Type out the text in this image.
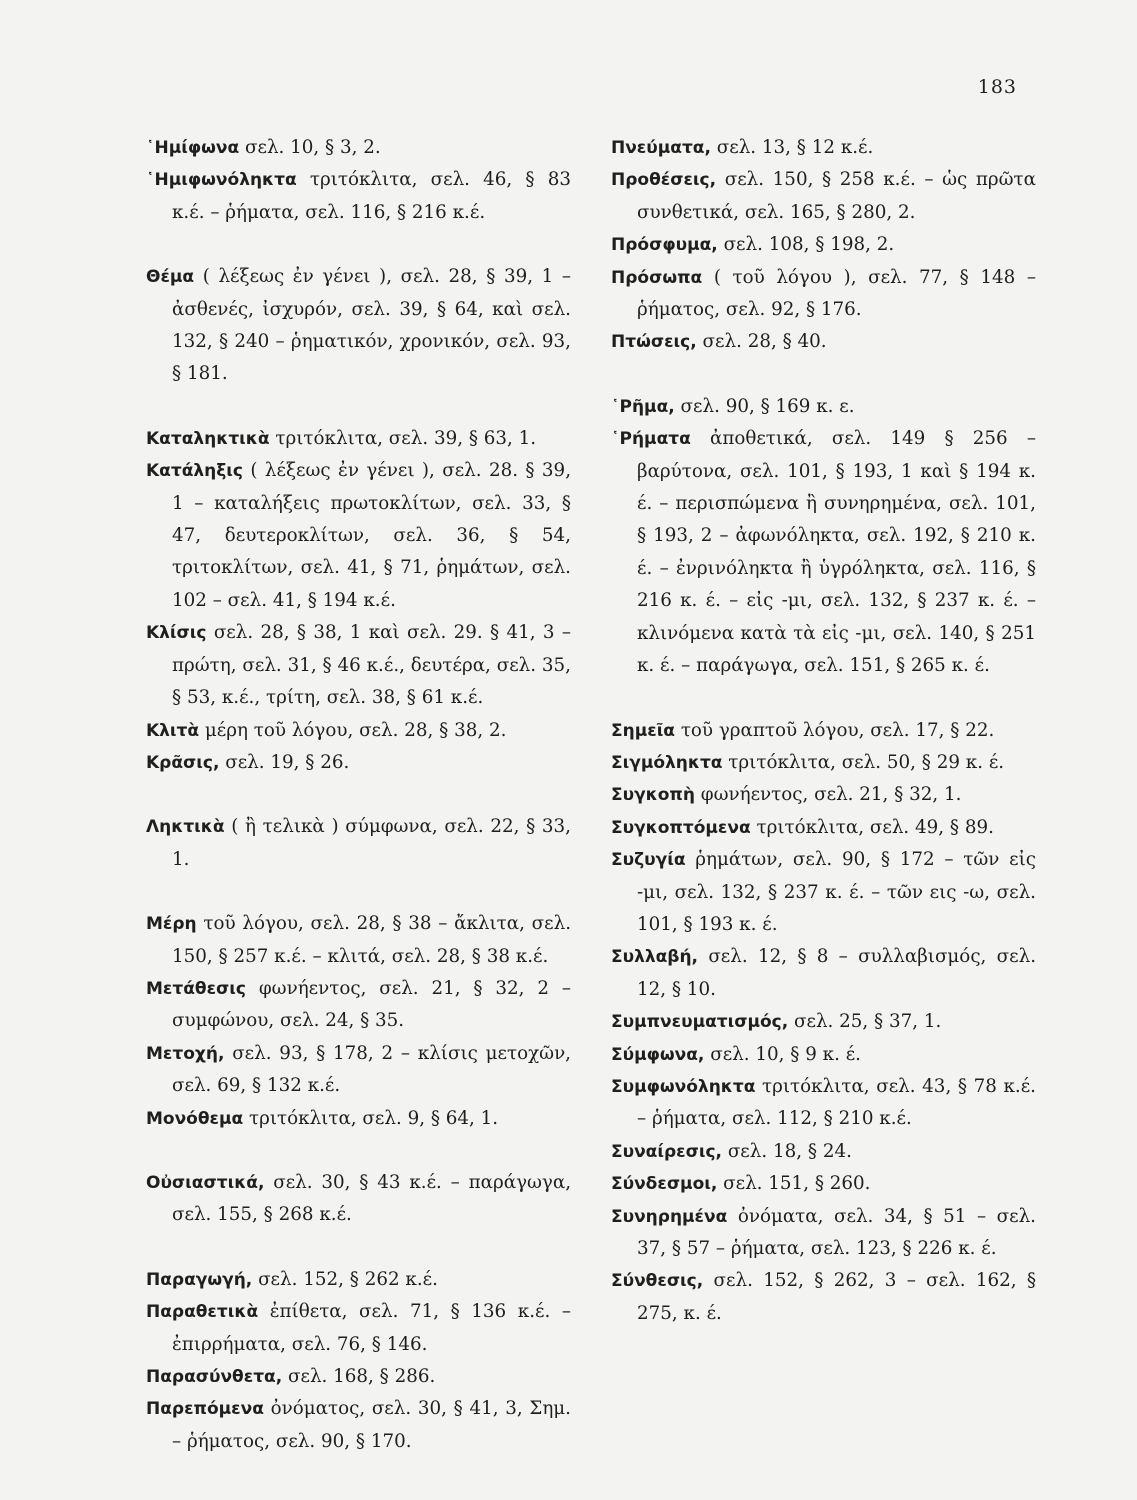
183

῾Ημίφωνα σελ. 10, § 3, 2.

῾Ημιφωνόληκτα τριτόκλιτα, σελ. 46, § 83 κ.έ. – ῥήματα, σελ. 116, § 216 κ.έ.

Θέμα ( λέξεως ἐν γένει ), σελ. 28, § 39, 1 – ἀσθενές, ἰσχυρόν, σελ. 39, § 64, καὶ σελ. 132, § 240 – ῥηματικόν, χρονικόν, σελ. 93, § 181.

Καταληκτικὰ τριτόκλιτα, σελ. 39, § 63, 1.

Κατάληξις ( λέξεως ἐν γένει ), σελ. 28. § 39, 1 – καταλήξεις πρωτοκλίτων, σελ. 33, § 47, δευτεροκλίτων, σελ. 36, § 54, τριτοκλίτων, σελ. 41, § 71, ῥημάτων, σελ. 102 – σελ. 41, § 194 κ.έ.

Κλίσις σελ. 28, § 38, 1 καὶ σελ. 29. § 41, 3 – πρώτη, σελ. 31, § 46 κ.έ., δευτέρα, σελ. 35, § 53, κ.έ., τρίτη, σελ. 38, § 61 κ.έ.

Κλιτὰ μέρη τοῦ λόγου, σελ. 28, § 38, 2.

Κρᾶσις, σελ. 19, § 26.

Ληκτικὰ ( ἢ τελικὰ ) σύμφωνα, σελ. 22, § 33, 1.

Μέρη τοῦ λόγου, σελ. 28, § 38 – ἄκλιτα, σελ. 150, § 257 κ.έ. – κλιτά, σελ. 28, § 38 κ.έ.

Μετάθεσις φωνήεντος, σελ. 21, § 32, 2 – συμφώνου, σελ. 24, § 35.

Μετοχή, σελ. 93, § 178, 2 – κλίσις μετοχῶν, σελ. 69, § 132 κ.έ.

Μονόθεμα τριτόκλιτα, σελ. 9, § 64, 1.

Οὐσιαστικά, σελ. 30, § 43 κ.έ. – παράγωγα, σελ. 155, § 268 κ.έ.

Παραγωγή, σελ. 152, § 262 κ.έ.

Παραθετικὰ ἐπίθετα, σελ. 71, § 136 κ.έ. – ἐπιρρήματα, σελ. 76, § 146.

Παρασύνθετα, σελ. 168, § 286.

Παρεπόμενα ὀνόματος, σελ. 30, § 41, 3, Σημ. – ῥήματος, σελ. 90, § 170.

Πνεύματα, σελ. 13, § 12 κ.έ.

Προθέσεις, σελ. 150, § 258 κ.έ. – ὡς πρῶτα συνθετικά, σελ. 165, § 280, 2.

Πρόσφυμα, σελ. 108, § 198, 2.

Πρόσωπα ( τοῦ λόγου ), σελ. 77, § 148 – ῥήματος, σελ. 92, § 176.

Πτώσεις, σελ. 28, § 40.

῾Ρῆμα, σελ. 90, § 169 κ. ε.

῾Ρήματα ἀποθετικά, σελ. 149 § 256 – βαρύτονα, σελ. 101, § 193, 1 καὶ § 194 κ. έ. – περισπώμενα ἢ συνηρημένα, σελ. 101, § 193, 2 – ἀφωνόληκτα, σελ. 192, § 210 κ. έ. – ἐνρινόληκτα ἢ ὑγρόληκτα, σελ. 116, § 216 κ. έ. – εἰς -μι, σελ. 132, § 237 κ. έ. – κλινόμενα κατὰ τὰ εἰς -μι, σελ. 140, § 251 κ. έ. – παράγωγα, σελ. 151, § 265 κ. έ.

Σημεῖα τοῦ γραπτοῦ λόγου, σελ. 17, § 22.

Σιγμόληκτα τριτόκλιτα, σελ. 50, § 29 κ. έ.

Συγκοπὴ φωνήεντος, σελ. 21, § 32, 1.

Συγκοπτόμενα τριτόκλιτα, σελ. 49, § 89.

Συζυγία ῥημάτων, σελ. 90, § 172 – τῶν εἰς -μι, σελ. 132, § 237 κ. έ. – τῶν εις -ω, σελ. 101, § 193 κ. έ.

Συλλαβή, σελ. 12, § 8 – συλλαβισμός, σελ. 12, § 10.

Συμπνευματισμός, σελ. 25, § 37, 1.

Σύμφωνα, σελ. 10, § 9 κ. έ.

Συμφωνόληκτα τριτόκλιτα, σελ. 43, § 78 κ.έ. – ῥήματα, σελ. 112, § 210 κ.έ.

Συναίρεσις, σελ. 18, § 24.

Σύνδεσμοι, σελ. 151, § 260.

Συνηρημένα ὀνόματα, σελ. 34, § 51 – σελ. 37, § 57 – ῥήματα, σελ. 123, § 226 κ. έ.

Σύνθεσις, σελ. 152, § 262, 3 – σελ. 162, § 275, κ. έ.
